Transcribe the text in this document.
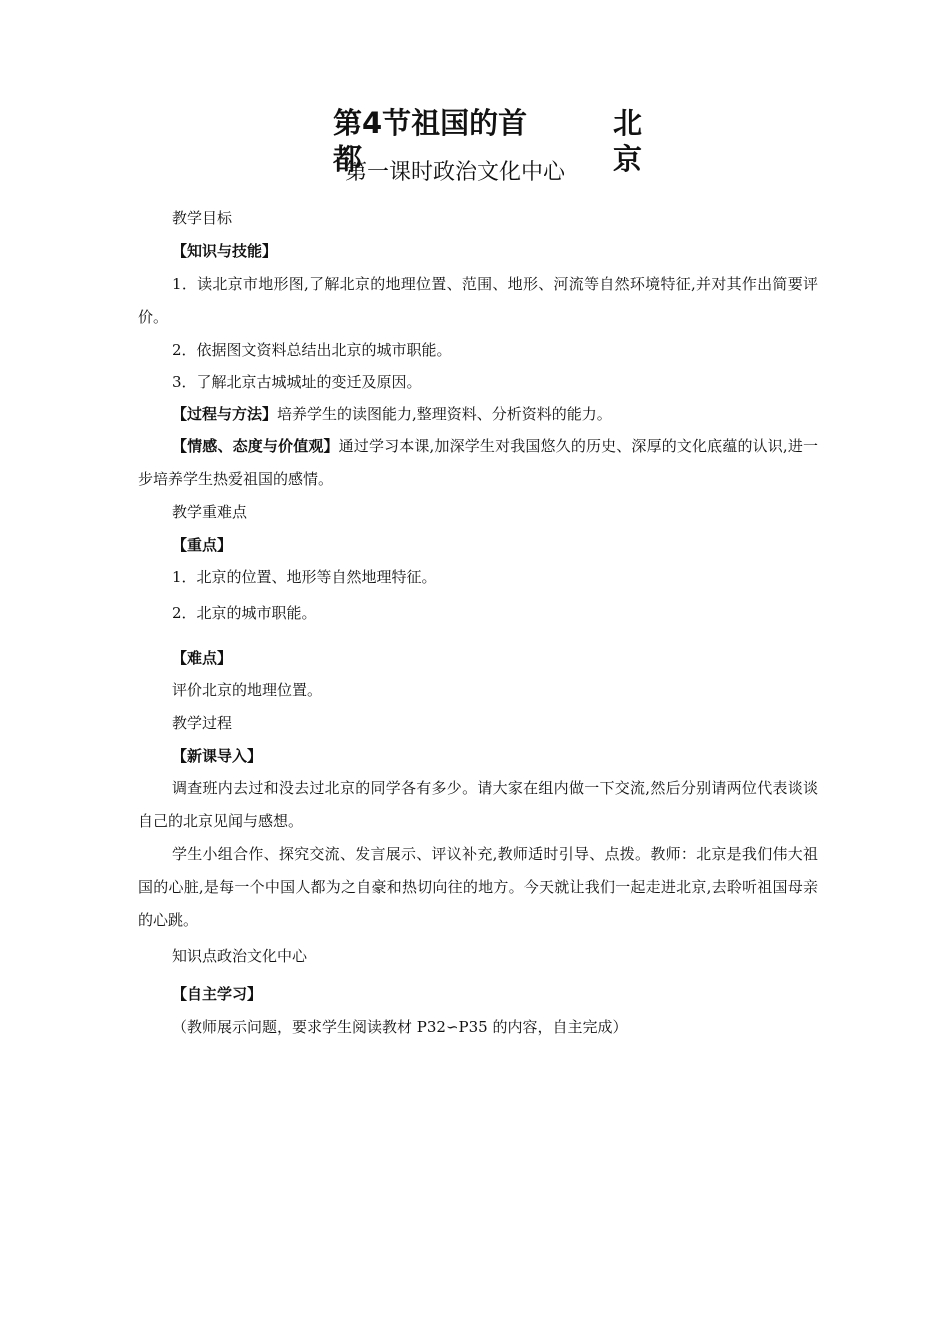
第4节祖国的首都
北京
第一课时政治文化中心
教学目标
【知识与技能】
1．读北京市地形图,了解北京的地理位置、范围、地形、河流等自然环境特征,并对其作出简要评价。
2．依据图文资料总结出北京的城市职能。
3．了解北京古城城址的变迁及原因。
【过程与方法】培养学生的读图能力,整理资料、分析资料的能力。
【情感、态度与价值观】通过学习本课,加深学生对我国悠久的历史、深厚的文化底蕴的认识,进一步培养学生热爱祖国的感情。
教学重难点
【重点】
1．北京的位置、地形等自然地理特征。
2．北京的城市职能。
【难点】
评价北京的地理位置。
教学过程
【新课导入】
调查班内去过和没去过北京的同学各有多少。请大家在组内做一下交流,然后分别请两位代表谈谈自己的北京见闻与感想。
学生小组合作、探究交流、发言展示、评议补充,教师适时引导、点拨。教师：北京是我们伟大祖国的心脏,是每一个中国人都为之自豪和热切向往的地方。今天就让我们一起走进北京,去聆听祖国母亲的心跳。
知识点政治文化中心
【自主学习】
（教师展示问题，要求学生阅读教材 P32∽P35 的内容，自主完成）
